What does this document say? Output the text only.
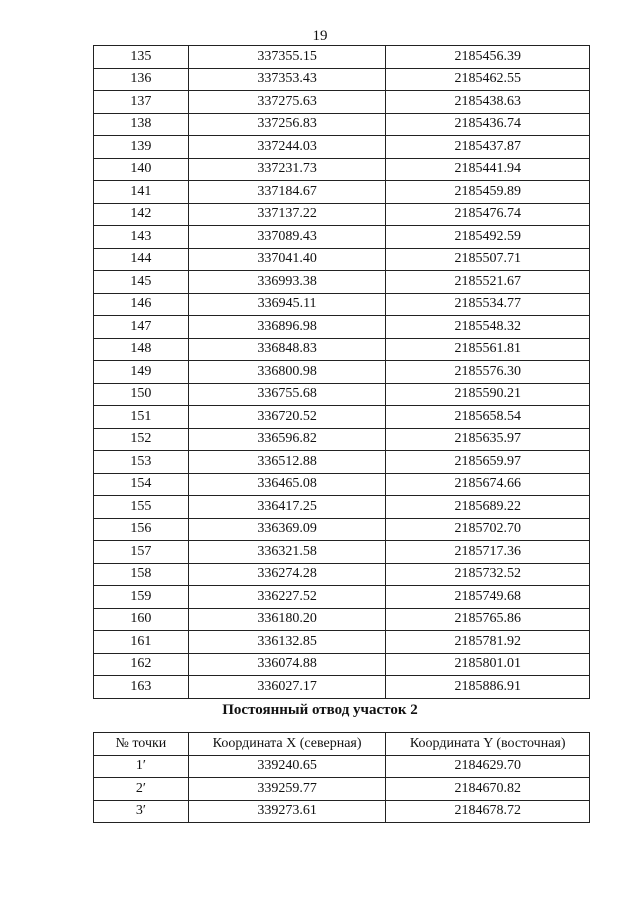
19
135	337355.15	2185456.39
136	337353.43	2185462.55
137	337275.63	2185438.63
138	337256.83	2185436.74
139	337244.03	2185437.87
140	337231.73	2185441.94
141	337184.67	2185459.89
142	337137.22	2185476.74
143	337089.43	2185492.59
144	337041.40	2185507.71
145	336993.38	2185521.67
146	336945.11	2185534.77
147	336896.98	2185548.32
148	336848.83	2185561.81
149	336800.98	2185576.30
150	336755.68	2185590.21
151	336720.52	2185658.54
152	336596.82	2185635.97
153	336512.88	2185659.97
154	336465.08	2185674.66
155	336417.25	2185689.22
156	336369.09	2185702.70
157	336321.58	2185717.36
158	336274.28	2185732.52
159	336227.52	2185749.68
160	336180.20	2185765.86
161	336132.85	2185781.92
162	336074.88	2185801.01
163	336027.17	2185886.91
Постоянный отвод участок 2
№ точки	Координата X (северная)	Координата Y (восточная)
1′	339240.65	2184629.70
2′	339259.77	2184670.82
3′	339273.61	2184678.72
